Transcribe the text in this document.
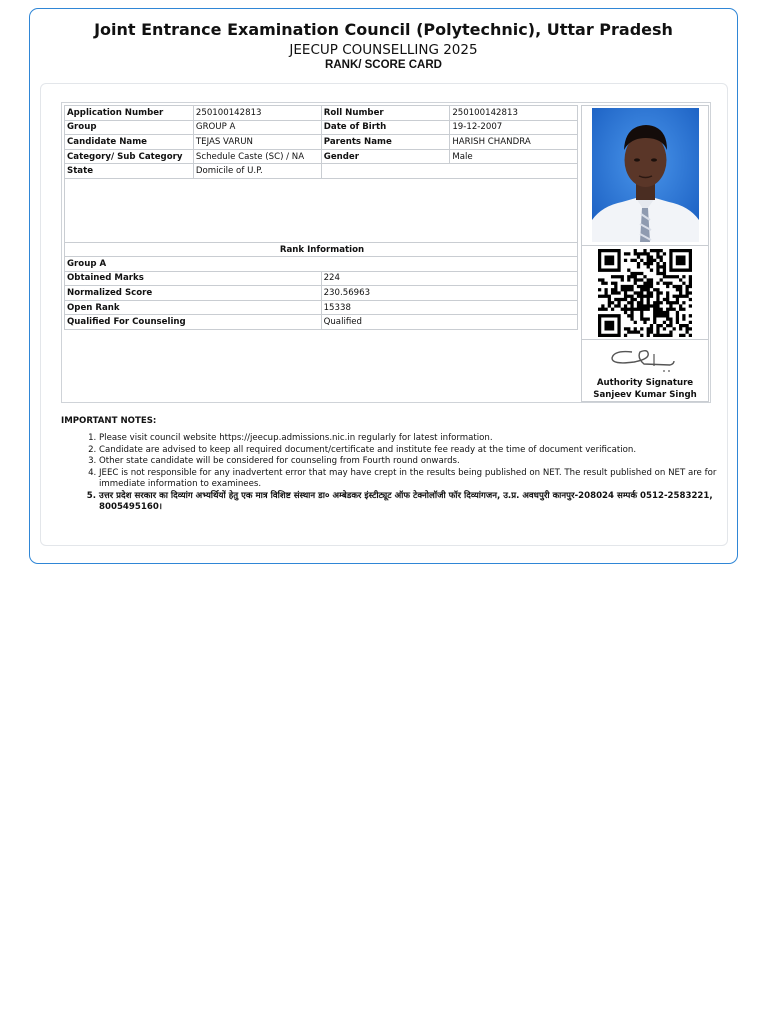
Joint Entrance Examination Council (Polytechnic), Uttar Pradesh
JEECUP COUNSELLING 2025
RANK/ SCORE CARD
Application Number	250100142813	Roll Number	250100142813
Group	GROUP A	Date of Birth	19-12-2007
Candidate Name	TEJAS VARUN	Parents Name	HARISH CHANDRA
Category/ Sub Category	Schedule Caste (SC) / NA	Gender	Male
State	Domicile of U.P.		
Rank Information	
Group A	
Obtained Marks	224
Normalized Score	230.56963
Open Rank	15338
Qualified For Counseling	Qualified
Authority Signature
Sanjeev Kumar Singh
IMPORTANT NOTES:
1. Please visit council website https://jeecup.admissions.nic.in regularly for latest information.
2. Candidate are advised to keep all required document/certificate and institute fee ready at the time of document verification.
3. Other state candidate will be considered for counseling from Fourth round onwards.
4. JEEC is not responsible for any inadvertent error that may have crept in the results being published on NET. The result published on NET are for immediate information to examinees.
5. उत्तर प्रदेश सरकार का दिव्यांग अभ्यर्थियों हेतु एक मात्र विशिष्ट संस्थान डा० अम्बेडकर इंस्टीट्यूट ऑफ टेक्नोलॉजी फॉर दिव्यांगजन, उ.प्र. अवधपुरी कानपुर-208024 सम्पर्क 0512-2583221, 8005495160।
